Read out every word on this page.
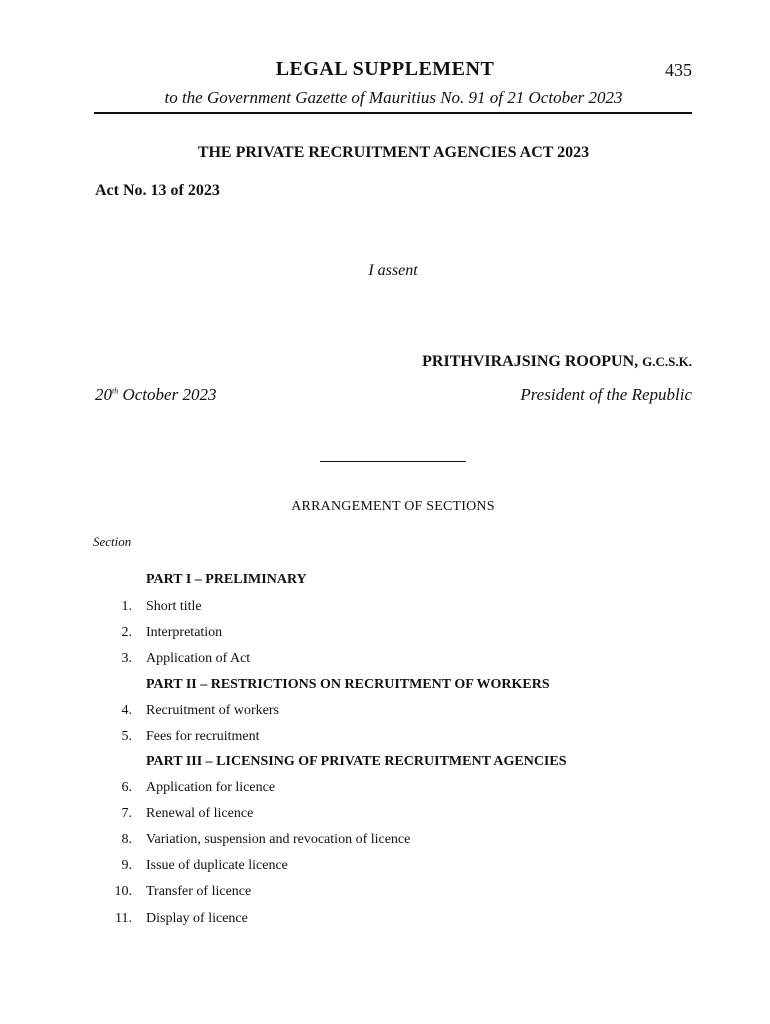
LEGAL SUPPLEMENT	435
to the Government Gazette of Mauritius No. 91 of 21 October 2023
THE PRIVATE RECRUITMENT AGENCIES ACT 2023
Act No. 13 of 2023
I assent
PRITHVIRAJSING ROOPUN, G.C.S.K.
20th October 2023	President of the Republic
ARRANGEMENT OF SECTIONS
Section
PART I – PRELIMINARY
1. Short title
2. Interpretation
3. Application of Act
PART II – RESTRICTIONS ON RECRUITMENT OF WORKERS
4. Recruitment of workers
5. Fees for recruitment
PART III – LICENSING OF PRIVATE RECRUITMENT AGENCIES
6. Application for licence
7. Renewal of licence
8. Variation, suspension and revocation of licence
9. Issue of duplicate licence
10. Transfer of licence
11. Display of licence
